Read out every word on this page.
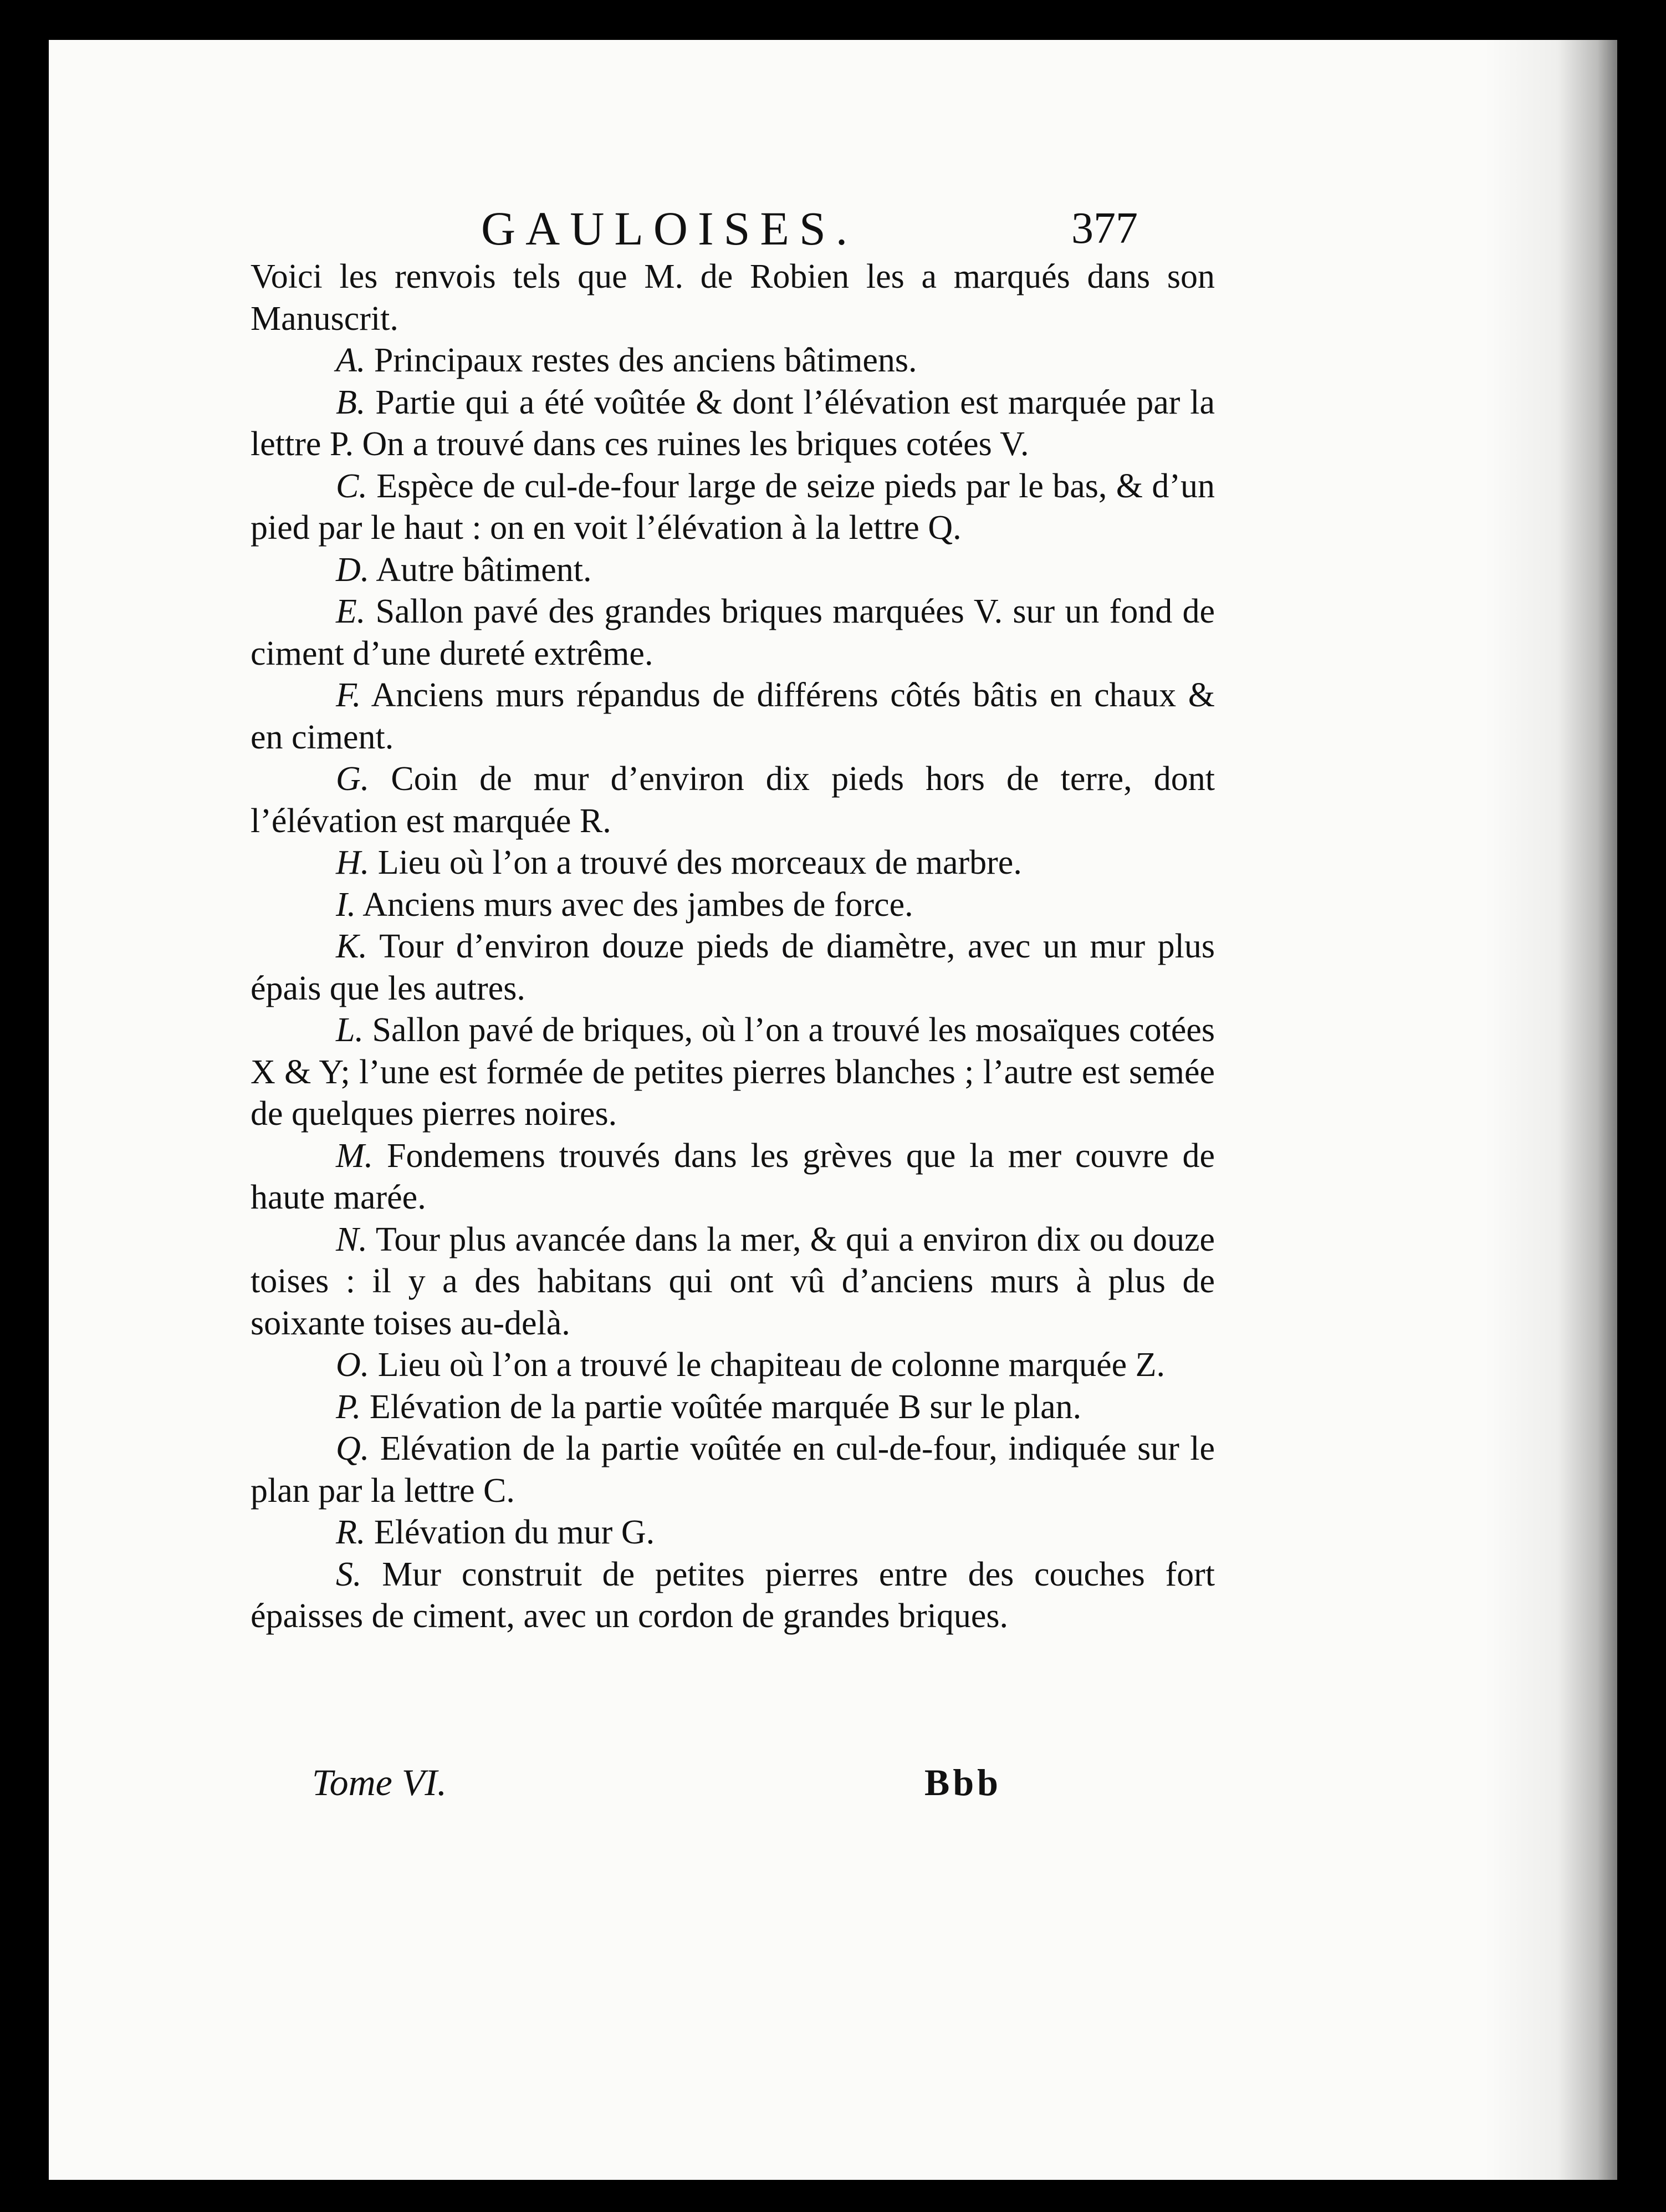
GAULOISES.	377

Voici les renvois tels que M. de Robien les a marqués dans son Manuscrit.

A. Principaux restes des anciens bâtimens.

B. Partie qui a été voûtée & dont l’élévation est marquée par la lettre P. On a trouvé dans ces ruines les briques cotées V.

C. Espèce de cul-de-four large de seize pieds par le bas, & d’un pied par le haut : on en voit l’élévation à la lettre Q.

D. Autre bâtiment.

E. Sallon pavé des grandes briques marquées V. sur un fond de ciment d’une dureté extrême.

F. Anciens murs répandus de différens côtés bâtis en chaux & en ciment.

G. Coin de mur d’environ dix pieds hors de terre, dont l’élévation est marquée R.

H. Lieu où l’on a trouvé des morceaux de marbre.

I. Anciens murs avec des jambes de force.

K. Tour d’environ douze pieds de diamètre, avec un mur plus épais que les autres.

L. Sallon pavé de briques, où l’on a trouvé les mosaïques cotées X & Y; l’une est formée de petites pierres blanches ; l’autre est semée de quelques pierres noires.

M. Fondemens trouvés dans les grèves que la mer couvre de haute marée.

N. Tour plus avancée dans la mer, & qui a environ dix ou douze toises : il y a des habitans qui ont vû d’anciens murs à plus de soixante toises au-delà.

O. Lieu où l’on a trouvé le chapiteau de colonne marquée Z.

P. Elévation de la partie voûtée marquée B sur le plan.

Q. Elévation de la partie voûtée en cul-de-four, indiquée sur le plan par la lettre C.

R. Elévation du mur G.

S. Mur construit de petites pierres entre des couches fort épaisses de ciment, avec un cordon de grandes briques.

Tome VI.	Bbb
